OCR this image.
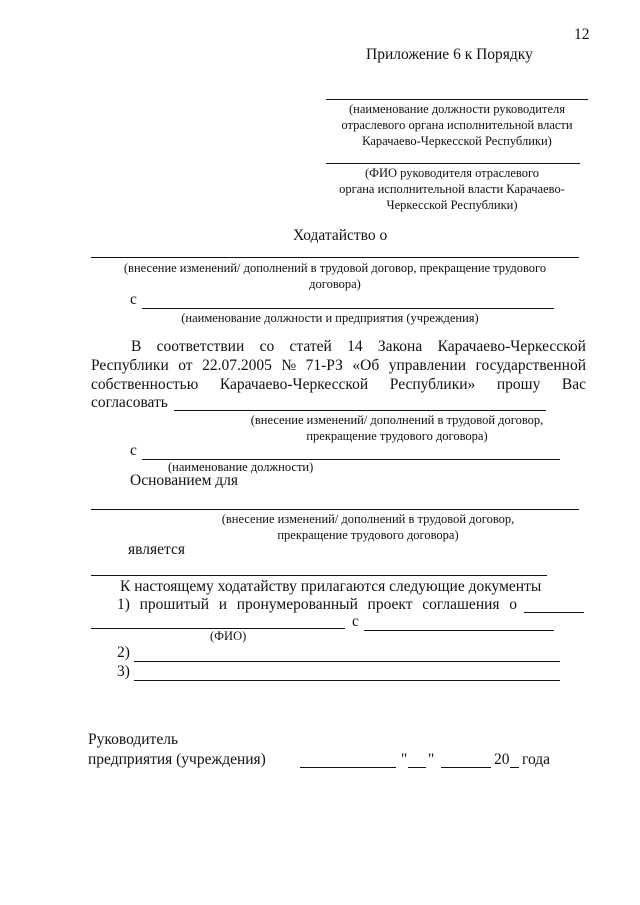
12
Приложение 6 к Порядку
(наименование должности руководителя
отраслевого органа исполнительной власти
Карачаево-Черкесской Республики)
(ФИО руководителя отраслевого
органа исполнительной власти Карачаево-
Черкесской Республики)
Ходатайство о
(внесение изменений/ дополнений в трудовой договор, прекращение трудового
договора)
с
(наименование должности и предприятия (учреждения)
В соответствии со статей 14 Закона Карачаево-Черкесской
Республики от 22.07.2005 № 71-РЗ «Об управлении государственной
собственностью Карачаево-Черкесской Республики» прошу Вас
согласовать
(внесение изменений/ дополнений в трудовой договор,
прекращение трудового договора)
с
(наименование должности)
Основанием для
(внесение изменений/ дополнений в трудовой договор,
прекращение трудового договора)
является
К настоящему ходатайству прилагаются следующие документы
1) прошитый и пронумерованный проект соглашения о
с
(ФИО)
2)
3)
Руководитель
предприятия (учреждения)	" "	20 года
